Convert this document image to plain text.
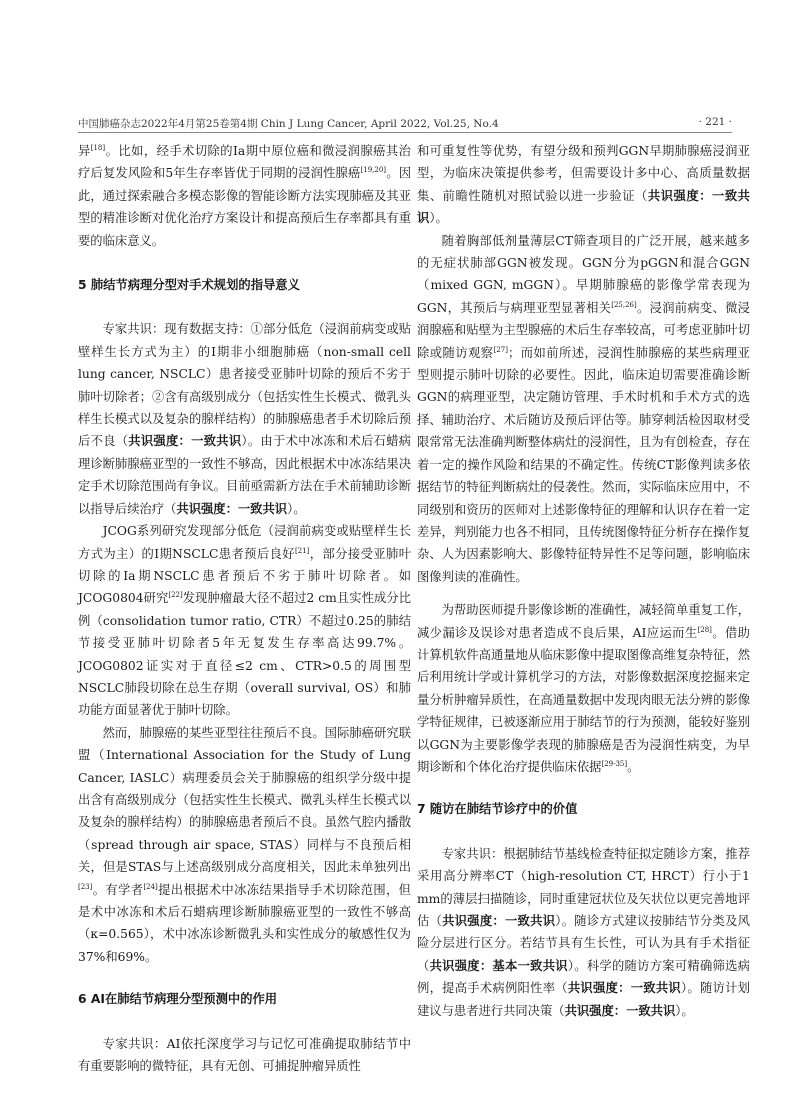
中国肺癌杂志2022年4月第25卷第4期 Chin J Lung Cancer, April 2022, Vol.25, No.4	· 221 ·

异[18]。比如，经手术切除的Ia期中原位癌和微浸润腺癌其治疗后复发风险和5年生存率皆优于同期的浸润性腺癌[19,20]。因此，通过探索融合多模态影像的智能诊断方法实现肺癌及其亚型的精准诊断对优化治疗方案设计和提高预后生存率都具有重要的临床意义。

5 肺结节病理分型对手术规划的指导意义

专家共识：现有数据支持：①部分低危（浸润前病变或贴壁样生长方式为主）的I期非小细胞肺癌（non-small cell lung cancer, NSCLC）患者接受亚肺叶切除的预后不劣于肺叶切除者；②含有高级别成分（包括实性生长模式、微乳头样生长模式以及复杂的腺样结构）的肺腺癌患者手术切除后预后不良（共识强度：一致共识）。由于术中冰冻和术后石蜡病理诊断肺腺癌亚型的一致性不够高，因此根据术中冰冻结果决定手术切除范围尚有争议。目前亟需新方法在手术前辅助诊断以指导后续治疗（共识强度：一致共识）。

JCOG系列研究发现部分低危（浸润前病变或贴壁样生长方式为主）的I期NSCLC患者预后良好[21]，部分接受亚肺叶切除的Ia期NSCLC患者预后不劣于肺叶切除者。如JCOG0804研究[22]发现肿瘤最大径不超过2 cm且实性成分比例（consolidation tumor ratio, CTR）不超过0.25的肺结节接受亚肺叶切除者5年无复发生存率高达99.7%。JCOG0802证实对于直径≤2 cm、CTR>0.5的周围型NSCLC肺段切除在总生存期（overall survival, OS）和肺功能方面显著优于肺叶切除。

然而，肺腺癌的某些亚型往往预后不良。国际肺癌研究联盟（International Association for the Study of Lung Cancer, IASLC）病理委员会关于肺腺癌的组织学分级中提出含有高级别成分（包括实性生长模式、微乳头样生长模式以及复杂的腺样结构）的肺腺癌患者预后不良。虽然气腔内播散（spread through air space, STAS）同样与不良预后相关，但是STAS与上述高级别成分高度相关，因此未单独列出[23]。有学者[24]提出根据术中冰冻结果指导手术切除范围，但是术中冰冻和术后石蜡病理诊断肺腺癌亚型的一致性不够高（κ=0.565），术中冰冻诊断微乳头和实性成分的敏感性仅为37%和69%。

6 AI在肺结节病理分型预测中的作用

专家共识：AI依托深度学习与记忆可准确提取肺结节中有重要影响的微特征，具有无创、可捕捉肿瘤异质性

和可重复性等优势，有望分级和预判GGN早期肺腺癌浸润亚型，为临床决策提供参考，但需要设计多中心、高质量数据集、前瞻性随机对照试验以进一步验证（共识强度：一致共识）。

随着胸部低剂量薄层CT筛查项目的广泛开展，越来越多的无症状肺部GGN被发现。GGN分为pGGN和混合GGN（mixed GGN, mGGN）。早期肺腺癌的影像学常表现为GGN，其预后与病理亚型显著相关[25,26]。浸润前病变、微浸润腺癌和贴壁为主型腺癌的术后生存率较高，可考虑亚肺叶切除或随访观察[27]；而如前所述，浸润性肺腺癌的某些病理亚型则提示肺叶切除的必要性。因此，临床迫切需要准确诊断GGN的病理亚型，决定随访管理、手术时机和手术方式的选择、辅助治疗、术后随访及预后评估等。肺穿刺活检因取材受限常常无法准确判断整体病灶的浸润性，且为有创检查，存在着一定的操作风险和结果的不确定性。传统CT影像判读多依据结节的特征判断病灶的侵袭性。然而，实际临床应用中，不同级别和资历的医师对上述影像特征的理解和认识存在着一定差异，判别能力也各不相同，且传统图像特征分析存在操作复杂、人为因素影响大、影像特征特异性不足等问题，影响临床图像判读的准确性。

为帮助医师提升影像诊断的准确性，减轻简单重复工作，减少漏诊及误诊对患者造成不良后果，AI应运而生[28]。借助计算机软件高通量地从临床影像中提取图像高维复杂特征，然后利用统计学或计算机学习的方法，对影像数据深度挖掘来定量分析肿瘤异质性，在高通量数据中发现肉眼无法分辨的影像学特征规律，已被逐渐应用于肺结节的行为预测，能较好鉴别以GGN为主要影像学表现的肺腺癌是否为浸润性病变，为早期诊断和个体化治疗提供临床依据[29-35]。

7 随访在肺结节诊疗中的价值

专家共识：根据肺结节基线检查特征拟定随诊方案，推荐采用高分辨率CT（high-resolution CT, HRCT）行小于1 mm的薄层扫描随诊，同时重建冠状位及矢状位以更完善地评估（共识强度：一致共识）。随诊方式建议按肺结节分类及风险分层进行区分。若结节具有生长性，可认为具有手术指征（共识强度：基本一致共识）。科学的随访方案可精确筛选病例，提高手术病例阳性率（共识强度：一致共识）。随访计划建议与患者进行共同决策（共识强度：一致共识）。
